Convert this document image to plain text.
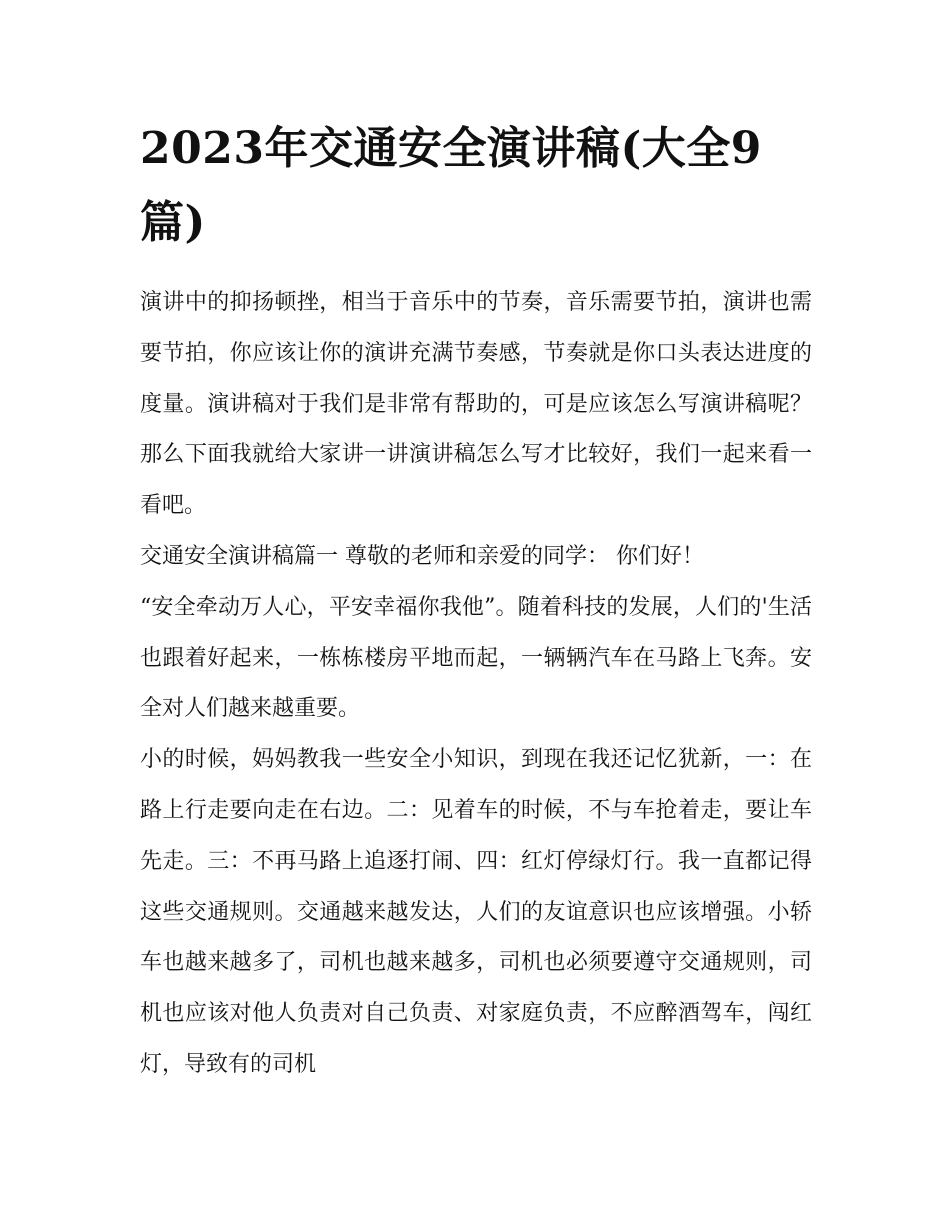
2023年交通安全演讲稿(大全9篇)

演讲中的抑扬顿挫，相当于音乐中的节奏，音乐需要节拍，演讲也需要节拍，你应该让你的演讲充满节奏感，节奏就是你口头表达进度的度量。演讲稿对于我们是非常有帮助的，可是应该怎么写演讲稿呢？那么下面我就给大家讲一讲演讲稿怎么写才比较好，我们一起来看一看吧。

交通安全演讲稿篇一 尊敬的老师和亲爱的同学： 你们好！

“安全牵动万人心，平安幸福你我他”。随着科技的发展，人们的'生活也跟着好起来，一栋栋楼房平地而起，一辆辆汽车在马路上飞奔。安全对人们越来越重要。

小的时候，妈妈教我一些安全小知识，到现在我还记忆犹新，一：在路上行走要向走在右边。二：见着车的时候，不与车抢着走，要让车先走。三：不再马路上追逐打闹、四：红灯停绿灯行。我一直都记得这些交通规则。交通越来越发达，人们的友谊意识也应该增强。小轿车也越来越多了，司机也越来越多，司机也必须要遵守交通规则，司机也应该对他人负责对自己负责、对家庭负责，不应醉酒驾车，闯红灯，导致有的司机
